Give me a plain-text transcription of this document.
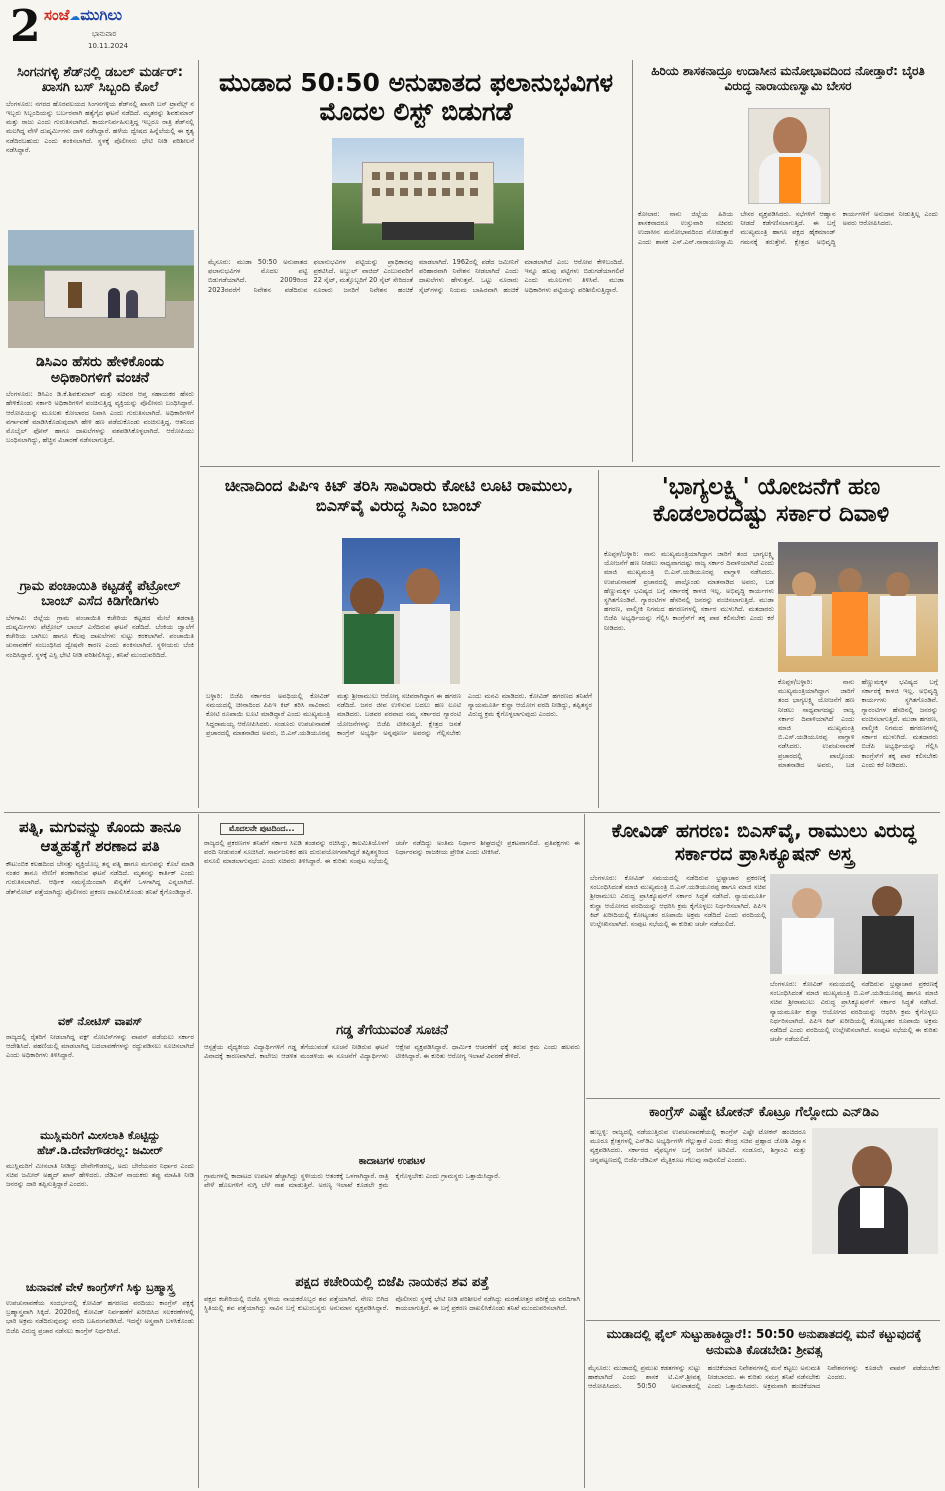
2 ಸಂಜೆ☁ಮುಗಿಲು
ಭಾನುವಾರ
10.11.2024
ಸಿಂಗನಗಳ್ಳಿ ಶೆಡ್‌ನಲ್ಲಿ ಡಬಲ್ ಮರ್ಡರ್: ಖಾಸಗಿ ಬಸ್ ಸಿಬ್ಬಂದಿ ಕೊಲೆ
ಬೆಂಗಳೂರು: ನಗರದ ಹೊರವಲಯದ ಸಿಂಗನಗಳ್ಳಿಯ ಶೆಡ್‌ನಲ್ಲಿ ಖಾಸಗಿ ಬಸ್ ಟ್ರಾವೆಲ್ಸ್ ನ ಇಬ್ಬರು ಸಿಬ್ಬಂದಿಯನ್ನು ಬರ್ಬರವಾಗಿ ಹತ್ಯೆಗೈದ ಘಟನೆ ನಡೆದಿದೆ. ಮೃತರನ್ನು ಶಿವಕುಮಾರ್ ಮತ್ತು ರಾಜು ಎಂದು ಗುರುತಿಸಲಾಗಿದೆ. ಕಾರ್ಯನಿರ್ವಹಿಸುತ್ತಿದ್ದ ಇಬ್ಬರೂ ರಾತ್ರಿ ಶೆಡ್‌ನಲ್ಲಿ ಮಲಗಿದ್ದ ವೇಳೆ ದುಷ್ಕರ್ಮಿಗಳು ದಾಳಿ ನಡೆಸಿದ್ದಾರೆ. ಹಳೆಯ ದ್ವೇಷದ ಹಿನ್ನೆಲೆಯಲ್ಲಿ ಈ ಕೃತ್ಯ ನಡೆದಿರಬಹುದು ಎಂದು ಶಂಕಿಸಲಾಗಿದೆ. ಸ್ಥಳಕ್ಕೆ ಪೊಲೀಸರು ಭೇಟಿ ನೀಡಿ ಪರಿಶೀಲನೆ ನಡೆಸಿದ್ದಾರೆ.
ಡಿಸಿಎಂ ಹೆಸರು ಹೇಳಿಕೊಂಡು ಅಧಿಕಾರಿಗಳಿಗೆ ವಂಚನೆ
ಬೆಂಗಳೂರು: ಡಿಸಿಎಂ ಡಿ.ಕೆ.ಶಿವಕುಮಾರ್ ಮತ್ತು ಸಚಿವರ ಆಪ್ತ ಸಹಾಯಕರ ಹೆಸರು ಹೇಳಿಕೊಂಡು ಸರ್ಕಾರಿ ಅಧಿಕಾರಿಗಳಿಗೆ ವಂಚಿಸುತ್ತಿದ್ದ ವ್ಯಕ್ತಿಯನ್ನು ಪೊಲೀಸರು ಬಂಧಿಸಿದ್ದಾರೆ. ಆರೋಪಿಯನ್ನು ಮೂಲತಃ ಕೋಲಾರದ ನಿವಾಸಿ ಎಂದು ಗುರುತಿಸಲಾಗಿದೆ. ಅಧಿಕಾರಿಗಳಿಗೆ ವರ್ಗಾವಣೆ ಮಾಡಿಸಿಕೊಡುವುದಾಗಿ ಹೇಳಿ ಹಣ ಪಡೆದುಕೊಂಡು ವಂಚಿಸುತ್ತಿದ್ದ. ಆತನಿಂದ ಮೊಬೈಲ್ ಫೋನ್ ಹಾಗೂ ದಾಖಲೆಗಳನ್ನು ವಶಪಡಿಸಿಕೊಳ್ಳಲಾಗಿದೆ. ಆರೋಪಿಯು ಬಂಧಿಸಲಾಗಿದ್ದು, ಹೆಚ್ಚಿನ ವಿಚಾರಣೆ ನಡೆಸಲಾಗುತ್ತಿದೆ.
ಗ್ರಾಮ ಪಂಚಾಯಿತಿ ಕಟ್ಟಡಕ್ಕೆ ಪೆಟ್ರೋಲ್ ಬಾಂಬ್ ಎಸೆದ ಕಿಡಿಗೇಡಿಗಳು
ಬೆಳಗಾವಿ: ಜಿಲ್ಲೆಯ ಗ್ರಾಮ ಪಂಚಾಯಿತಿ ಕಚೇರಿಯ ಕಟ್ಟಡದ ಮೇಲೆ ತಡರಾತ್ರಿ ದುಷ್ಕರ್ಮಿಗಳು ಪೆಟ್ರೋಲ್ ಬಾಂಬ್ ಎಸೆದಿರುವ ಘಟನೆ ನಡೆದಿದೆ. ಬೆಂಕಿಯ ಜ್ವಾಲೆಗೆ ಕಚೇರಿಯ ಬಾಗಿಲು ಹಾಗೂ ಕೆಲವು ದಾಖಲೆಗಳು ಸುಟ್ಟು ಕರಕಲಾಗಿವೆ. ಪಂಚಾಯಿತಿ ಚುನಾವಣೆಗೆ ಸಂಬಂಧಿಸಿದ ದ್ವೇಷವೇ ಕಾರಣ ಎಂದು ಶಂಕಿಸಲಾಗಿದೆ. ಸ್ಥಳೀಯರು ಬೆಂಕಿ ನಂದಿಸಿದ್ದಾರೆ. ಸ್ಥಳಕ್ಕೆ ಎಸ್ಪಿ ಭೇಟಿ ನೀಡಿ ಪರಿಶೀಲಿಸಿದ್ದು, ತನಿಖೆ ಮುಂದುವರಿದಿದೆ.
ಮುಡಾದ 50:50 ಅನುಪಾತದ ಫಲಾನುಭವಿಗಳ ಮೊದಲ ಲಿಸ್ಟ್ ಬಿಡುಗಡೆ
ಮೈಸೂರು: ಮುಡಾ 50:50 ಅನುಪಾತದ ಫಲಾನುಭವಿಗಳ ಮೊದಲ ಪಟ್ಟಿ ಬಿಡುಗಡೆಯಾಗಿದೆ. 2009ರಿಂದ 2023ರವರೆಗೆ ನಿವೇಶನ ಪಡೆದಿರುವ ಫಲಾನುಭವಿಗಳ ಪಟ್ಟಿಯನ್ನು ಪ್ರಾಧಿಕಾರವು ಪ್ರಕಟಿಸಿದೆ. ಅಬ್ದುಲ್ ವಾಜಿದ್ ಎಂಬುವವರಿಗೆ 22 ಸೈಟ್, ಮತ್ತೊಬ್ಬರಿಗೆ 20 ಸೈಟ್ ಸೇರಿದಂತೆ ನೂರಾರು ಜನರಿಗೆ ನಿವೇಶನ ಹಂಚಿಕೆ ಮಾಡಲಾಗಿದೆ. 1962ರಲ್ಲಿ ಪಡೆದ ಜಮೀನಿಗೆ ಪರಿಹಾರವಾಗಿ ನಿವೇಶನ ನೀಡಲಾಗಿದೆ ಎಂದು ದಾಖಲೆಗಳು ಹೇಳುತ್ತವೆ. ಒಟ್ಟು ನೂರಾರು ಸೈಟ್‌ಗಳನ್ನು ನಿಯಮ ಬಾಹಿರವಾಗಿ ಹಂಚಿಕೆ ಮಾಡಲಾಗಿದೆ ಎಂಬ ಆರೋಪ ಕೇಳಿಬಂದಿದೆ. ಇನ್ನೂ ಹಲವು ಪಟ್ಟಿಗಳು ಬಿಡುಗಡೆಯಾಗಲಿವೆ ಎಂದು ಮೂಲಗಳು ತಿಳಿಸಿವೆ. ಮುಡಾ ಅಧಿಕಾರಿಗಳು ಪಟ್ಟಿಯನ್ನು ಪರಿಶೀಲಿಸುತ್ತಿದ್ದಾರೆ.
ಹಿರಿಯ ಶಾಸಕನಾದ್ರೂ ಉದಾಸೀನ ಮನೋಭಾವದಿಂದ ನೋಡ್ತಾರೆ: ಬೈರತಿ ವಿರುದ್ಧ ನಾರಾಯಣಸ್ವಾಮಿ ಬೇಸರ
ಕೋಲಾರ: ನಾನು ಜಿಲ್ಲೆಯ ಹಿರಿಯ ಶಾಸಕನಾದರೂ ಉಸ್ತುವಾರಿ ಸಚಿವರು ಉದಾಸೀನ ಮನೋಭಾವದಿಂದ ನೋಡುತ್ತಾರೆ ಎಂದು ಶಾಸಕ ಎಸ್.ಎನ್.ನಾರಾಯಣಸ್ವಾಮಿ ಬೇಸರ ವ್ಯಕ್ತಪಡಿಸಿದರು. ಸಭೆಗಳಿಗೆ ಆಹ್ವಾನ ನೀಡದೆ ಕಡೆಗಣಿಸಲಾಗುತ್ತಿದೆ. ಈ ಬಗ್ಗೆ ಮುಖ್ಯಮಂತ್ರಿ ಹಾಗೂ ಪಕ್ಷದ ಹೈಕಮಾಂಡ್ ಗಮನಕ್ಕೆ ತರುತ್ತೇನೆ. ಕ್ಷೇತ್ರದ ಅಭಿವೃದ್ಧಿ ಕಾರ್ಯಗಳಿಗೆ ಅನುದಾನ ನೀಡುತ್ತಿಲ್ಲ ಎಂದು ಅವರು ಆರೋಪಿಸಿದರು.
ಚೀನಾದಿಂದ ಪಿಪಿಇ ಕಿಟ್ ತರಿಸಿ ಸಾವಿರಾರು ಕೋಟಿ ಲೂಟಿ ರಾಮುಲು, ಬಿಎಸ್‌ವೈ ವಿರುದ್ಧ ಸಿಎಂ ಬಾಂಬ್
ಬಳ್ಳಾರಿ: ಬಿಜೆಪಿ ಸರ್ಕಾರದ ಅವಧಿಯಲ್ಲಿ ಕೋವಿಡ್ ಸಮಯದಲ್ಲಿ ಚೀನಾದಿಂದ ಪಿಪಿಇ ಕಿಟ್ ತರಿಸಿ ಸಾವಿರಾರು ಕೋಟಿ ರೂಪಾಯಿ ಲೂಟಿ ಮಾಡಿದ್ದಾರೆ ಎಂದು ಮುಖ್ಯಮಂತ್ರಿ ಸಿದ್ದರಾಮಯ್ಯ ಆರೋಪಿಸಿದರು. ಸಂಡೂರು ಉಪಚುನಾವಣೆ ಪ್ರಚಾರದಲ್ಲಿ ಮಾತನಾಡಿದ ಅವರು, ಬಿ.ಎಸ್.ಯಡಿಯೂರಪ್ಪ ಮತ್ತು ಶ್ರೀರಾಮುಲು ಆರೋಗ್ಯ ಸಚಿವರಾಗಿದ್ದಾಗ ಈ ಹಗರಣ ನಡೆದಿದೆ. ಜನರ ಜೀವ ಉಳಿಸುವ ಬದಲು ಹಣ ಲೂಟಿ ಮಾಡಿದರು. ಬಡವರ ಪರವಾದ ನಮ್ಮ ಸರ್ಕಾರದ ಗ್ಯಾರಂಟಿ ಯೋಜನೆಗಳನ್ನು ಬಿಜೆಪಿ ಟೀಕಿಸುತ್ತಿದೆ. ಕ್ಷೇತ್ರದ ಜನತೆ ಕಾಂಗ್ರೆಸ್ ಅಭ್ಯರ್ಥಿ ಅನ್ನಪೂರ್ಣ ಅವರನ್ನು ಗೆಲ್ಲಿಸಬೇಕು ಎಂದು ಮನವಿ ಮಾಡಿದರು. ಕೋವಿಡ್ ಹಗರಣದ ತನಿಖೆಗೆ ನ್ಯಾಯಮೂರ್ತಿ ಕುನ್ಹಾ ಆಯೋಗ ವರದಿ ನೀಡಿದ್ದು, ತಪ್ಪಿತಸ್ಥರ ವಿರುದ್ಧ ಕ್ರಮ ಕೈಗೊಳ್ಳಲಾಗುವುದು ಎಂದರು.
'ಭಾಗ್ಯಲಕ್ಷ್ಮಿ' ಯೋಜನೆಗೆ ಹಣ ಕೊಡಲಾರದಷ್ಟು ಸರ್ಕಾರ ದಿವಾಳಿ
ಕೊಪ್ಪಳ/ಬಳ್ಳಾರಿ: ನಾನು ಮುಖ್ಯಮಂತ್ರಿಯಾಗಿದ್ದಾಗ ಜಾರಿಗೆ ತಂದ ಭಾಗ್ಯಲಕ್ಷ್ಮಿ ಯೋಜನೆಗೆ ಹಣ ನೀಡಲು ಸಾಧ್ಯವಾಗದಷ್ಟು ರಾಜ್ಯ ಸರ್ಕಾರ ದಿವಾಳಿಯಾಗಿದೆ ಎಂದು ಮಾಜಿ ಮುಖ್ಯಮಂತ್ರಿ ಬಿ.ಎಸ್.ಯಡಿಯೂರಪ್ಪ ವಾಗ್ದಾಳಿ ನಡೆಸಿದರು. ಉಪಚುನಾವಣೆ ಪ್ರಚಾರದಲ್ಲಿ ಪಾಲ್ಗೊಂಡು ಮಾತನಾಡಿದ ಅವರು, ಬಡ ಹೆಣ್ಣುಮಕ್ಕಳ ಭವಿಷ್ಯದ ಬಗ್ಗೆ ಸರ್ಕಾರಕ್ಕೆ ಕಾಳಜಿ ಇಲ್ಲ. ಅಭಿವೃದ್ಧಿ ಕಾರ್ಯಗಳು ಸ್ಥಗಿತಗೊಂಡಿವೆ. ಗ್ಯಾರಂಟಿಗಳ ಹೆಸರಿನಲ್ಲಿ ಜನರನ್ನು ವಂಚಿಸಲಾಗುತ್ತಿದೆ. ಮುಡಾ ಹಗರಣ, ವಾಲ್ಮೀಕಿ ನಿಗಮದ ಹಗರಣಗಳಲ್ಲಿ ಸರ್ಕಾರ ಮುಳುಗಿದೆ. ಮತದಾರರು ಬಿಜೆಪಿ ಅಭ್ಯರ್ಥಿಯನ್ನು ಗೆಲ್ಲಿಸಿ ಕಾಂಗ್ರೆಸ್‌ಗೆ ತಕ್ಕ ಪಾಠ ಕಲಿಸಬೇಕು ಎಂದು ಕರೆ ನೀಡಿದರು.
ಕೊಪ್ಪಳ/ಬಳ್ಳಾರಿ: ನಾನು ಮುಖ್ಯಮಂತ್ರಿಯಾಗಿದ್ದಾಗ ಜಾರಿಗೆ ತಂದ ಭಾಗ್ಯಲಕ್ಷ್ಮಿ ಯೋಜನೆಗೆ ಹಣ ನೀಡಲು ಸಾಧ್ಯವಾಗದಷ್ಟು ರಾಜ್ಯ ಸರ್ಕಾರ ದಿವಾಳಿಯಾಗಿದೆ ಎಂದು ಮಾಜಿ ಮುಖ್ಯಮಂತ್ರಿ ಬಿ.ಎಸ್.ಯಡಿಯೂರಪ್ಪ ವಾಗ್ದಾಳಿ ನಡೆಸಿದರು. ಉಪಚುನಾವಣೆ ಪ್ರಚಾರದಲ್ಲಿ ಪಾಲ್ಗೊಂಡು ಮಾತನಾಡಿದ ಅವರು, ಬಡ ಹೆಣ್ಣುಮಕ್ಕಳ ಭವಿಷ್ಯದ ಬಗ್ಗೆ ಸರ್ಕಾರಕ್ಕೆ ಕಾಳಜಿ ಇಲ್ಲ. ಅಭಿವೃದ್ಧಿ ಕಾರ್ಯಗಳು ಸ್ಥಗಿತಗೊಂಡಿವೆ. ಗ್ಯಾರಂಟಿಗಳ ಹೆಸರಿನಲ್ಲಿ ಜನರನ್ನು ವಂಚಿಸಲಾಗುತ್ತಿದೆ. ಮುಡಾ ಹಗರಣ, ವಾಲ್ಮೀಕಿ ನಿಗಮದ ಹಗರಣಗಳಲ್ಲಿ ಸರ್ಕಾರ ಮುಳುಗಿದೆ. ಮತದಾರರು ಬಿಜೆಪಿ ಅಭ್ಯರ್ಥಿಯನ್ನು ಗೆಲ್ಲಿಸಿ ಕಾಂಗ್ರೆಸ್‌ಗೆ ತಕ್ಕ ಪಾಠ ಕಲಿಸಬೇಕು ಎಂದು ಕರೆ ನೀಡಿದರು.
ಪತ್ನಿ, ಮಗುವನ್ನು ಕೊಂದು ತಾನೂ ಆತ್ಮಹತ್ಯೆಗೆ ಶರಣಾದ ಪತಿ
ಕೌಟುಂಬಿಕ ಕಲಹದಿಂದ ಬೇಸತ್ತು ವ್ಯಕ್ತಿಯೊಬ್ಬ ತನ್ನ ಪತ್ನಿ ಹಾಗೂ ಮಗುವನ್ನು ಕೊಲೆ ಮಾಡಿ ನಂತರ ತಾನೂ ನೇಣಿಗೆ ಶರಣಾಗಿರುವ ಘಟನೆ ನಡೆದಿದೆ. ಮೃತನನ್ನು ಕಾರ್ತಿಕ್ ಎಂದು ಗುರುತಿಸಲಾಗಿದೆ. ಆರ್ಥಿಕ ಸಮಸ್ಯೆಯಿಂದಾಗಿ ಖಿನ್ನತೆಗೆ ಒಳಗಾಗಿದ್ದ ಎನ್ನಲಾಗಿದೆ. ಡೆತ್‌ನೋಟ್ ಪತ್ತೆಯಾಗಿದ್ದು ಪೊಲೀಸರು ಪ್ರಕರಣ ದಾಖಲಿಸಿಕೊಂಡು ತನಿಖೆ ಕೈಗೊಂಡಿದ್ದಾರೆ.
ವಕ್ ನೋಟಿಸ್ ವಾಪಸ್
ರಾಜ್ಯದಲ್ಲಿ ರೈತರಿಗೆ ನೀಡಲಾಗಿದ್ದ ವಕ್ಫ್ ನೋಟಿಸ್‌ಗಳನ್ನು ವಾಪಸ್ ಪಡೆಯಲು ಸರ್ಕಾರ ಆದೇಶಿಸಿದೆ. ಪಹಣಿಯಲ್ಲಿ ಮಾಡಲಾಗಿದ್ದ ಬದಲಾವಣೆಗಳನ್ನು ರದ್ದುಪಡಿಸಲು ಸೂಚಿಸಲಾಗಿದೆ ಎಂದು ಅಧಿಕಾರಿಗಳು ತಿಳಿಸಿದ್ದಾರೆ.
ಮುಸ್ಲಿಮರಿಗೆ ಮೀಸಲಾತಿ ಕೊಟ್ಟಿದ್ದು ಹೆಚ್.ಡಿ.ದೇವೇಗೌಡರಲ್ಲ: ಜಮೀರ್
ಮುಸ್ಲಿಮರಿಗೆ ಮೀಸಲಾತಿ ನೀಡಿದ್ದು ದೇವೇಗೌಡರಲ್ಲ, ಅದು ಬೇರೆಯವರ ನಿರ್ಧಾರ ಎಂದು ಸಚಿವ ಜಮೀರ್ ಅಹ್ಮದ್ ಖಾನ್ ಹೇಳಿದರು. ಜೆಡಿಎಸ್ ನಾಯಕರು ತಪ್ಪು ಮಾಹಿತಿ ನೀಡಿ ಜನರನ್ನು ದಾರಿ ತಪ್ಪಿಸುತ್ತಿದ್ದಾರೆ ಎಂದರು.
ಚುನಾವಣೆ ವೇಳೆ ಕಾಂಗ್ರೆಸ್‌ಗೆ ಸಿಕ್ಕು ಬ್ರಹ್ಮಾಸ್ತ್ರ
ಉಪಚುನಾವಣೆಯ ಸಂದರ್ಭದಲ್ಲಿ ಕೋವಿಡ್ ಹಗರಣದ ವರದಿಯು ಕಾಂಗ್ರೆಸ್ ಪಕ್ಷಕ್ಕೆ ಬ್ರಹ್ಮಾಸ್ತ್ರವಾಗಿ ಸಿಕ್ಕಿದೆ. 2020ರಲ್ಲಿ ಕೋವಿಡ್ ನಿರ್ವಹಣೆಗೆ ಖರೀದಿಸಿದ ಸಲಕರಣೆಗಳಲ್ಲಿ ಭಾರಿ ಅಕ್ರಮ ನಡೆದಿರುವುದನ್ನು ವರದಿ ಬಹಿರಂಗಪಡಿಸಿದೆ. ಇದನ್ನೇ ಅಸ್ತ್ರವಾಗಿ ಬಳಸಿಕೊಂಡು ಬಿಜೆಪಿ ವಿರುದ್ಧ ಪ್ರಚಾರ ನಡೆಸಲು ಕಾಂಗ್ರೆಸ್ ನಿರ್ಧರಿಸಿದೆ.
ಮೊದಲನೇ ಪುಟದಿಂದ...
ರಾಜ್ಯದಲ್ಲಿ ಪ್ರಕರಣಗಳ ತನಿಖೆಗೆ ಸರ್ಕಾರ ಸಿಐಡಿ ತಂಡವನ್ನು ರಚಿಸಿದ್ದು, ಕಾಲಮಿತಿಯೊಳಗೆ ವರದಿ ನೀಡುವಂತೆ ಸೂಚಿಸಿದೆ. ಸಾರ್ವಜನಿಕರ ಹಣ ದುರುಪಯೋಗವಾಗಿದ್ದರೆ ತಪ್ಪಿತಸ್ಥರಿಂದ ವಸೂಲಿ ಮಾಡಲಾಗುವುದು ಎಂದು ಸಚಿವರು ತಿಳಿಸಿದ್ದಾರೆ. ಈ ಕುರಿತು ಸಂಪುಟ ಸಭೆಯಲ್ಲಿ ಚರ್ಚೆ ನಡೆದಿದ್ದು ಅಂತಿಮ ನಿರ್ಧಾರ ಶೀಘ್ರದಲ್ಲೇ ಪ್ರಕಟವಾಗಲಿದೆ. ಪ್ರತಿಪಕ್ಷಗಳು ಈ ನಿರ್ಧಾರವನ್ನು ರಾಜಕೀಯ ಪ್ರೇರಿತ ಎಂದು ಟೀಕಿಸಿವೆ.
ಗಡ್ಡ ತೆಗೆಯುವಂತೆ ಸೂಚನೆ
ಆಸ್ಪತ್ರೆಯ ವೈದ್ಯಕೀಯ ವಿದ್ಯಾರ್ಥಿಗಳಿಗೆ ಗಡ್ಡ ತೆಗೆಯುವಂತೆ ಸೂಚನೆ ನೀಡಿರುವ ಘಟನೆ ವಿವಾದಕ್ಕೆ ಕಾರಣವಾಗಿದೆ. ಕಾಲೇಜು ಆಡಳಿತ ಮಂಡಳಿಯ ಈ ಸೂಚನೆಗೆ ವಿದ್ಯಾರ್ಥಿಗಳು ಆಕ್ಷೇಪ ವ್ಯಕ್ತಪಡಿಸಿದ್ದಾರೆ. ಧಾರ್ಮಿಕ ಆಚರಣೆಗೆ ಧಕ್ಕೆ ತರುವ ಕ್ರಮ ಎಂದು ಹಲವರು ಟೀಕಿಸಿದ್ದಾರೆ. ಈ ಕುರಿತು ಆರೋಗ್ಯ ಇಲಾಖೆ ವಿವರಣೆ ಕೇಳಿದೆ.
ಕಾದಾಟಗಳ ಉಪಟಳ
ಗ್ರಾಮಗಳಲ್ಲಿ ಕಾದಾಟದ ಉಪಟಳ ಹೆಚ್ಚಾಗಿದ್ದು ಸ್ಥಳೀಯರು ಆತಂಕಕ್ಕೆ ಒಳಗಾಗಿದ್ದಾರೆ. ರಾತ್ರಿ ವೇಳೆ ಹೊಲಗಳಿಗೆ ನುಗ್ಗಿ ಬೆಳೆ ನಾಶ ಮಾಡುತ್ತಿವೆ. ಅರಣ್ಯ ಇಲಾಖೆ ಕೂಡಲೇ ಕ್ರಮ ಕೈಗೊಳ್ಳಬೇಕು ಎಂದು ಗ್ರಾಮಸ್ಥರು ಒತ್ತಾಯಿಸಿದ್ದಾರೆ.
ಪಕ್ಷದ ಕಚೇರಿಯಲ್ಲಿ ಬಿಜೆಪಿ ನಾಯಕನ ಶವ ಪತ್ತೆ
ಪಕ್ಷದ ಕಚೇರಿಯಲ್ಲಿ ಬಿಜೆಪಿ ಸ್ಥಳೀಯ ನಾಯಕರೊಬ್ಬರ ಶವ ಪತ್ತೆಯಾಗಿದೆ. ನೇಣು ಬಿಗಿದ ಸ್ಥಿತಿಯಲ್ಲಿ ಶವ ಪತ್ತೆಯಾಗಿದ್ದು ಸಾವಿನ ಬಗ್ಗೆ ಕುಟುಂಬಸ್ಥರು ಅನುಮಾನ ವ್ಯಕ್ತಪಡಿಸಿದ್ದಾರೆ. ಪೊಲೀಸರು ಸ್ಥಳಕ್ಕೆ ಭೇಟಿ ನೀಡಿ ಪರಿಶೀಲನೆ ನಡೆಸಿದ್ದು ಮರಣೋತ್ತರ ಪರೀಕ್ಷೆಯ ವರದಿಗಾಗಿ ಕಾಯಲಾಗುತ್ತಿದೆ. ಈ ಬಗ್ಗೆ ಪ್ರಕರಣ ದಾಖಲಿಸಿಕೊಂಡು ತನಿಖೆ ಮುಂದುವರಿಸಲಾಗಿದೆ.
ಕೋವಿಡ್ ಹಗರಣ: ಬಿಎಸ್‌ವೈ, ರಾಮುಲು ವಿರುದ್ಧ ಸರ್ಕಾರದ ಪ್ರಾಸಿಕ್ಯೂಷನ್ ಅಸ್ತ್ರ
ಬೆಂಗಳೂರು: ಕೋವಿಡ್ ಸಮಯದಲ್ಲಿ ನಡೆದಿರುವ ಭ್ರಷ್ಟಾಚಾರ ಪ್ರಕರಣಕ್ಕೆ ಸಂಬಂಧಿಸಿದಂತೆ ಮಾಜಿ ಮುಖ್ಯಮಂತ್ರಿ ಬಿ.ಎಸ್.ಯಡಿಯೂರಪ್ಪ ಹಾಗೂ ಮಾಜಿ ಸಚಿವ ಶ್ರೀರಾಮುಲು ವಿರುದ್ಧ ಪ್ರಾಸಿಕ್ಯೂಷನ್‌ಗೆ ಸರ್ಕಾರ ಸಿದ್ಧತೆ ನಡೆಸಿದೆ. ನ್ಯಾಯಮೂರ್ತಿ ಕುನ್ಹಾ ಆಯೋಗದ ವರದಿಯನ್ನು ಆಧರಿಸಿ ಕ್ರಮ ಕೈಗೊಳ್ಳಲು ನಿರ್ಧರಿಸಲಾಗಿದೆ. ಪಿಪಿಇ ಕಿಟ್ ಖರೀದಿಯಲ್ಲಿ ಕೋಟ್ಯಂತರ ರೂಪಾಯಿ ಅಕ್ರಮ ನಡೆದಿದೆ ಎಂದು ವರದಿಯಲ್ಲಿ ಉಲ್ಲೇಖಿಸಲಾಗಿದೆ. ಸಂಪುಟ ಸಭೆಯಲ್ಲಿ ಈ ಕುರಿತು ಚರ್ಚೆ ನಡೆಯಲಿದೆ.
ಬೆಂಗಳೂರು: ಕೋವಿಡ್ ಸಮಯದಲ್ಲಿ ನಡೆದಿರುವ ಭ್ರಷ್ಟಾಚಾರ ಪ್ರಕರಣಕ್ಕೆ ಸಂಬಂಧಿಸಿದಂತೆ ಮಾಜಿ ಮುಖ್ಯಮಂತ್ರಿ ಬಿ.ಎಸ್.ಯಡಿಯೂರಪ್ಪ ಹಾಗೂ ಮಾಜಿ ಸಚಿವ ಶ್ರೀರಾಮುಲು ವಿರುದ್ಧ ಪ್ರಾಸಿಕ್ಯೂಷನ್‌ಗೆ ಸರ್ಕಾರ ಸಿದ್ಧತೆ ನಡೆಸಿದೆ. ನ್ಯಾಯಮೂರ್ತಿ ಕುನ್ಹಾ ಆಯೋಗದ ವರದಿಯನ್ನು ಆಧರಿಸಿ ಕ್ರಮ ಕೈಗೊಳ್ಳಲು ನಿರ್ಧರಿಸಲಾಗಿದೆ. ಪಿಪಿಇ ಕಿಟ್ ಖರೀದಿಯಲ್ಲಿ ಕೋಟ್ಯಂತರ ರೂಪಾಯಿ ಅಕ್ರಮ ನಡೆದಿದೆ ಎಂದು ವರದಿಯಲ್ಲಿ ಉಲ್ಲೇಖಿಸಲಾಗಿದೆ. ಸಂಪುಟ ಸಭೆಯಲ್ಲಿ ಈ ಕುರಿತು ಚರ್ಚೆ ನಡೆಯಲಿದೆ.
ಕಾಂಗ್ರೆಸ್ ಎಷ್ಟೇ ಟೋಕನ್ ಕೊಟ್ರೂ ಗೆಲ್ಲೋದು ಎನ್‌ಡಿಎ
ಹುಬ್ಬಳ್ಳಿ: ರಾಜ್ಯದಲ್ಲಿ ನಡೆಯುತ್ತಿರುವ ಉಪಚುನಾವಣೆಯಲ್ಲಿ ಕಾಂಗ್ರೆಸ್ ಎಷ್ಟೇ ಟೋಕನ್ ಹಂಚಿದರೂ ಮೂರೂ ಕ್ಷೇತ್ರಗಳಲ್ಲಿ ಎನ್‌ಡಿಎ ಅಭ್ಯರ್ಥಿಗಳೇ ಗೆಲ್ಲುತ್ತಾರೆ ಎಂದು ಕೇಂದ್ರ ಸಚಿವ ಪ್ರಹ್ಲಾದ ಜೋಶಿ ವಿಶ್ವಾಸ ವ್ಯಕ್ತಪಡಿಸಿದರು. ಸರ್ಕಾರದ ವೈಫಲ್ಯಗಳ ಬಗ್ಗೆ ಜನರಿಗೆ ಅರಿವಿದೆ. ಸಂಡೂರು, ಶಿಗ್ಗಾಂವಿ ಮತ್ತು ಚನ್ನಪಟ್ಟಣದಲ್ಲಿ ಬಿಜೆಪಿ-ಜೆಡಿಎಸ್ ಮೈತ್ರಿಕೂಟ ಗೆಲುವು ಸಾಧಿಸಲಿದೆ ಎಂದರು.
ಮುಡಾದಲ್ಲಿ ಫೈಲ್ ಸುಟ್ಟುಹಾಕಿದ್ದಾರೆ!: 50:50 ಅನುಪಾತದಲ್ಲಿ ಮನೆ ಕಟ್ಟುವುದಕ್ಕೆ ಅನುಮತಿ ಕೊಡಬೇಡಿ: ಶ್ರೀವತ್ಸ
ಮೈಸೂರು: ಮುಡಾದಲ್ಲಿ ಪ್ರಮುಖ ಕಡತಗಳನ್ನು ಸುಟ್ಟು ಹಾಕಲಾಗಿದೆ ಎಂದು ಶಾಸಕ ಟಿ.ಎಸ್.ಶ್ರೀವತ್ಸ ಆರೋಪಿಸಿದರು. 50:50 ಅನುಪಾತದಲ್ಲಿ ಹಂಚಿಕೆಯಾದ ನಿವೇಶನಗಳಲ್ಲಿ ಮನೆ ಕಟ್ಟಲು ಅನುಮತಿ ನೀಡಬಾರದು. ಈ ಕುರಿತು ಸಮಗ್ರ ತನಿಖೆ ನಡೆಸಬೇಕು ಎಂದು ಒತ್ತಾಯಿಸಿದರು. ಅಕ್ರಮವಾಗಿ ಹಂಚಿಕೆಯಾದ ನಿವೇಶನಗಳನ್ನು ಕೂಡಲೇ ವಾಪಸ್ ಪಡೆಯಬೇಕು ಎಂದರು.
